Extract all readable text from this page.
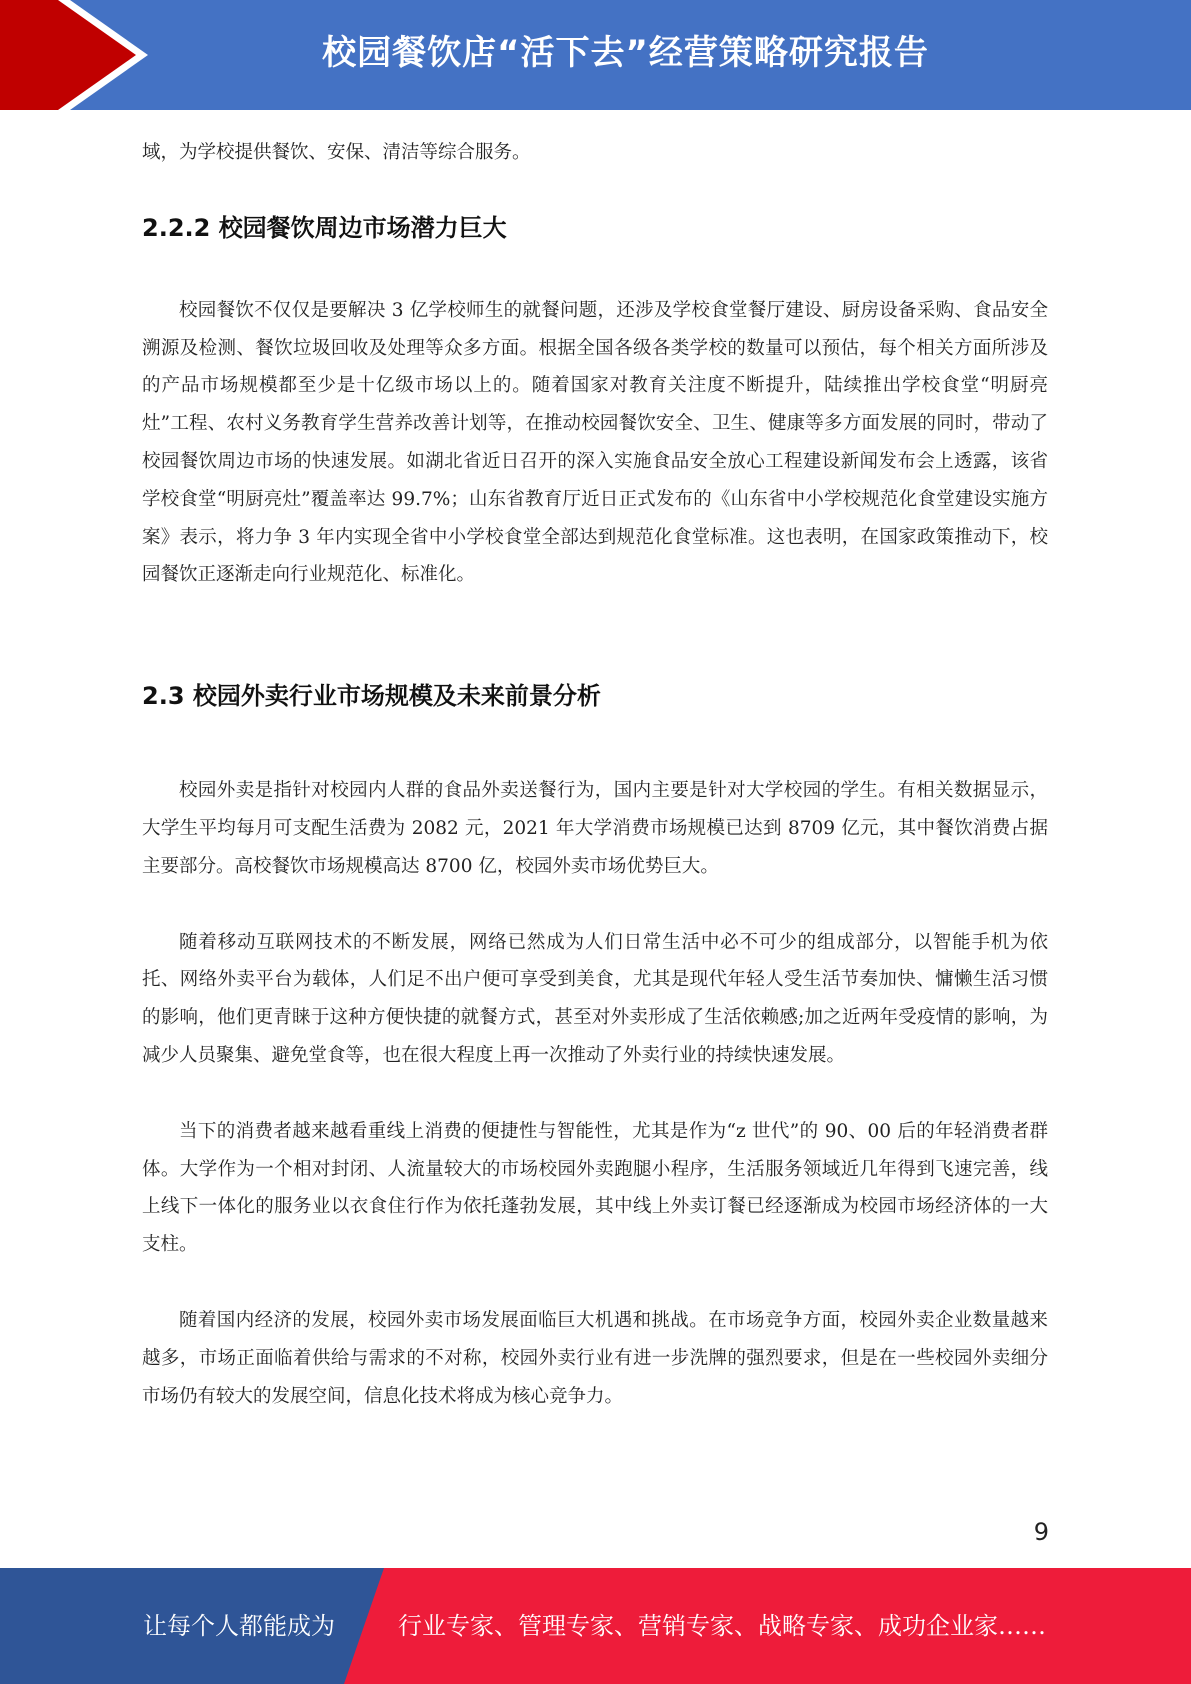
校园餐饮店“活下去”经营策略研究报告

域，为学校提供餐饮、安保、清洁等综合服务。

2.2.2 校园餐饮周边市场潜力巨大

校园餐饮不仅仅是要解决 3 亿学校师生的就餐问题，还涉及学校食堂餐厅建设、厨房设备采购、食品安全溯源及检测、餐饮垃圾回收及处理等众多方面。根据全国各级各类学校的数量可以预估，每个相关方面所涉及的产品市场规模都至少是十亿级市场以上的。随着国家对教育关注度不断提升，陆续推出学校食堂“明厨亮灶”工程、农村义务教育学生营养改善计划等，在推动校园餐饮安全、卫生、健康等多方面发展的同时，带动了校园餐饮周边市场的快速发展。如湖北省近日召开的深入实施食品安全放心工程建设新闻发布会上透露，该省学校食堂“明厨亮灶”覆盖率达 99.7%；山东省教育厅近日正式发布的《山东省中小学校规范化食堂建设实施方案》表示，将力争 3 年内实现全省中小学校食堂全部达到规范化食堂标准。这也表明，在国家政策推动下，校园餐饮正逐渐走向行业规范化、标准化。

2.3 校园外卖行业市场规模及未来前景分析

校园外卖是指针对校园内人群的食品外卖送餐行为，国内主要是针对大学校园的学生。有相关数据显示，大学生平均每月可支配生活费为 2082 元，2021 年大学消费市场规模已达到 8709 亿元，其中餐饮消费占据主要部分。高校餐饮市场规模高达 8700 亿，校园外卖市场优势巨大。

随着移动互联网技术的不断发展，网络已然成为人们日常生活中必不可少的组成部分，以智能手机为依托、网络外卖平台为载体，人们足不出户便可享受到美食，尤其是现代年轻人受生活节奏加快、慵懒生活习惯的影响，他们更青睐于这种方便快捷的就餐方式，甚至对外卖形成了生活依赖感;加之近两年受疫情的影响，为减少人员聚集、避免堂食等，也在很大程度上再一次推动了外卖行业的持续快速发展。

当下的消费者越来越看重线上消费的便捷性与智能性，尤其是作为“z 世代”的 90、00 后的年轻消费者群体。大学作为一个相对封闭、人流量较大的市场校园外卖跑腿小程序，生活服务领域近几年得到飞速完善，线上线下一体化的服务业以衣食住行作为依托蓬勃发展，其中线上外卖订餐已经逐渐成为校园市场经济体的一大支柱。

随着国内经济的发展，校园外卖市场发展面临巨大机遇和挑战。在市场竞争方面，校园外卖企业数量越来越多，市场正面临着供给与需求的不对称，校园外卖行业有进一步洗牌的强烈要求，但是在一些校园外卖细分市场仍有较大的发展空间，信息化技术将成为核心竞争力。

9
让每个人都能成为	行业专家、管理专家、营销专家、战略专家、成功企业家……
